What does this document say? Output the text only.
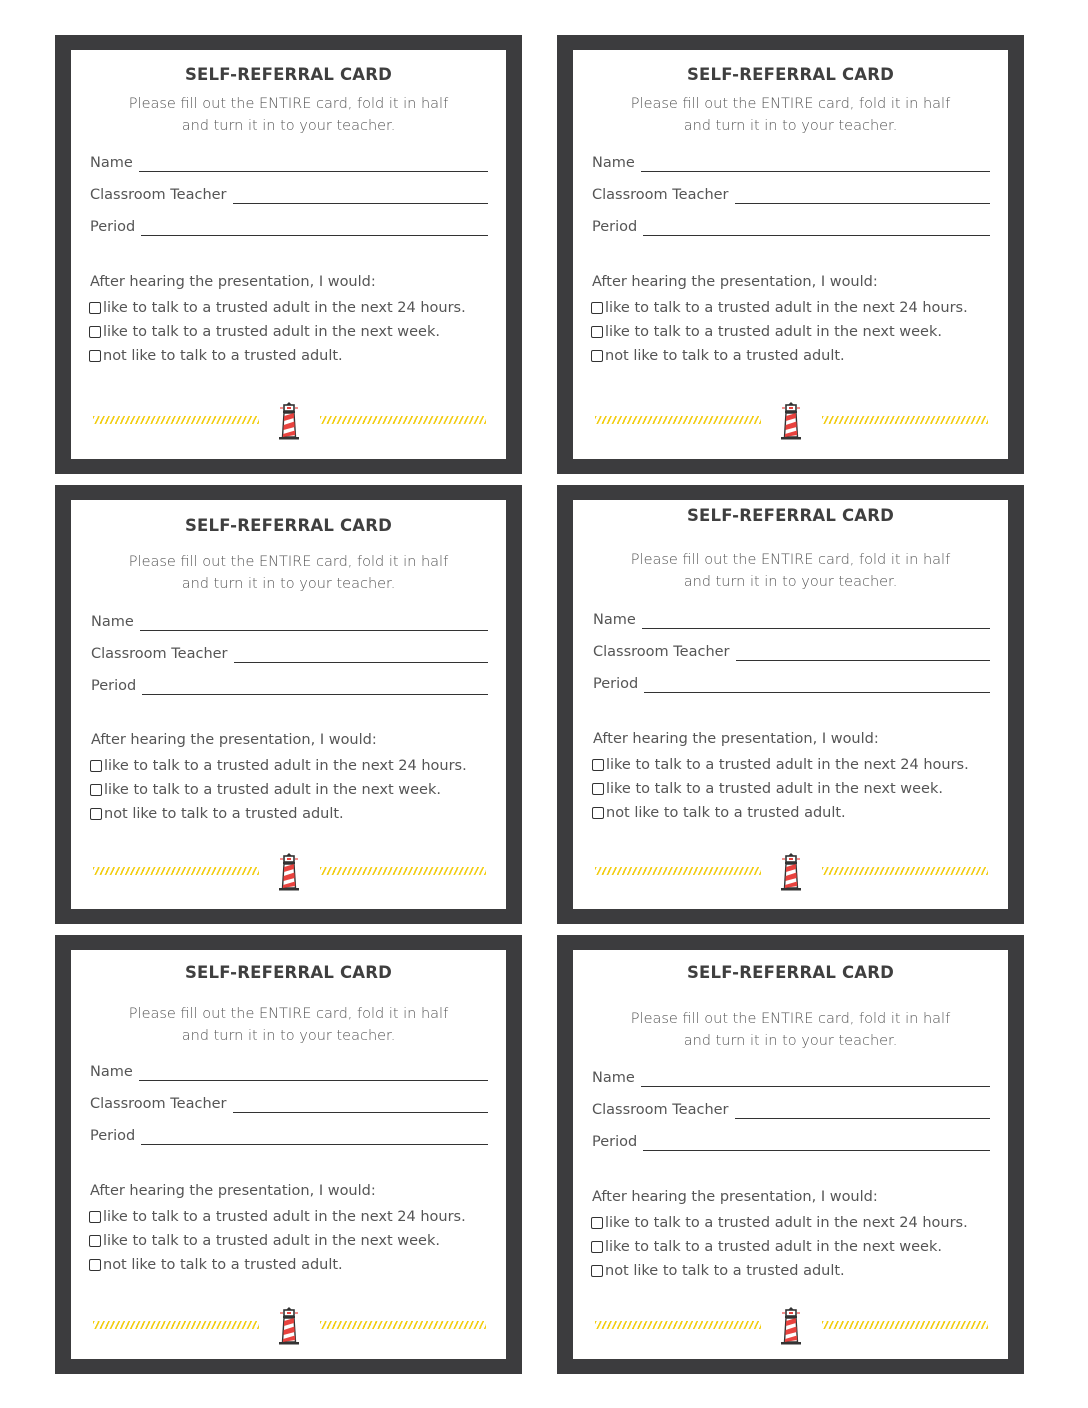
SELF-REFERRAL CARD
Please fill out the ENTIRE card, fold it in half
and turn it in to your teacher.
Name
Classroom Teacher
Period
After hearing the presentation, I would:
like to talk to a trusted adult in the next 24 hours.
like to talk to a trusted adult in the next week.
not like to talk to a trusted adult.
SELF-REFERRAL CARD
Please fill out the ENTIRE card, fold it in half
and turn it in to your teacher.
Name
Classroom Teacher
Period
After hearing the presentation, I would:
like to talk to a trusted adult in the next 24 hours.
like to talk to a trusted adult in the next week.
not like to talk to a trusted adult.
SELF-REFERRAL CARD
Please fill out the ENTIRE card, fold it in half
and turn it in to your teacher.
Name
Classroom Teacher
Period
After hearing the presentation, I would:
like to talk to a trusted adult in the next 24 hours.
like to talk to a trusted adult in the next week.
not like to talk to a trusted adult.
SELF-REFERRAL CARD
Please fill out the ENTIRE card, fold it in half
and turn it in to your teacher.
Name
Classroom Teacher
Period
After hearing the presentation, I would:
like to talk to a trusted adult in the next 24 hours.
like to talk to a trusted adult in the next week.
not like to talk to a trusted adult.
SELF-REFERRAL CARD
Please fill out the ENTIRE card, fold it in half
and turn it in to your teacher.
Name
Classroom Teacher
Period
After hearing the presentation, I would:
like to talk to a trusted adult in the next 24 hours.
like to talk to a trusted adult in the next week.
not like to talk to a trusted adult.
SELF-REFERRAL CARD
Please fill out the ENTIRE card, fold it in half
and turn it in to your teacher.
Name
Classroom Teacher
Period
After hearing the presentation, I would:
like to talk to a trusted adult in the next 24 hours.
like to talk to a trusted adult in the next week.
not like to talk to a trusted adult.
